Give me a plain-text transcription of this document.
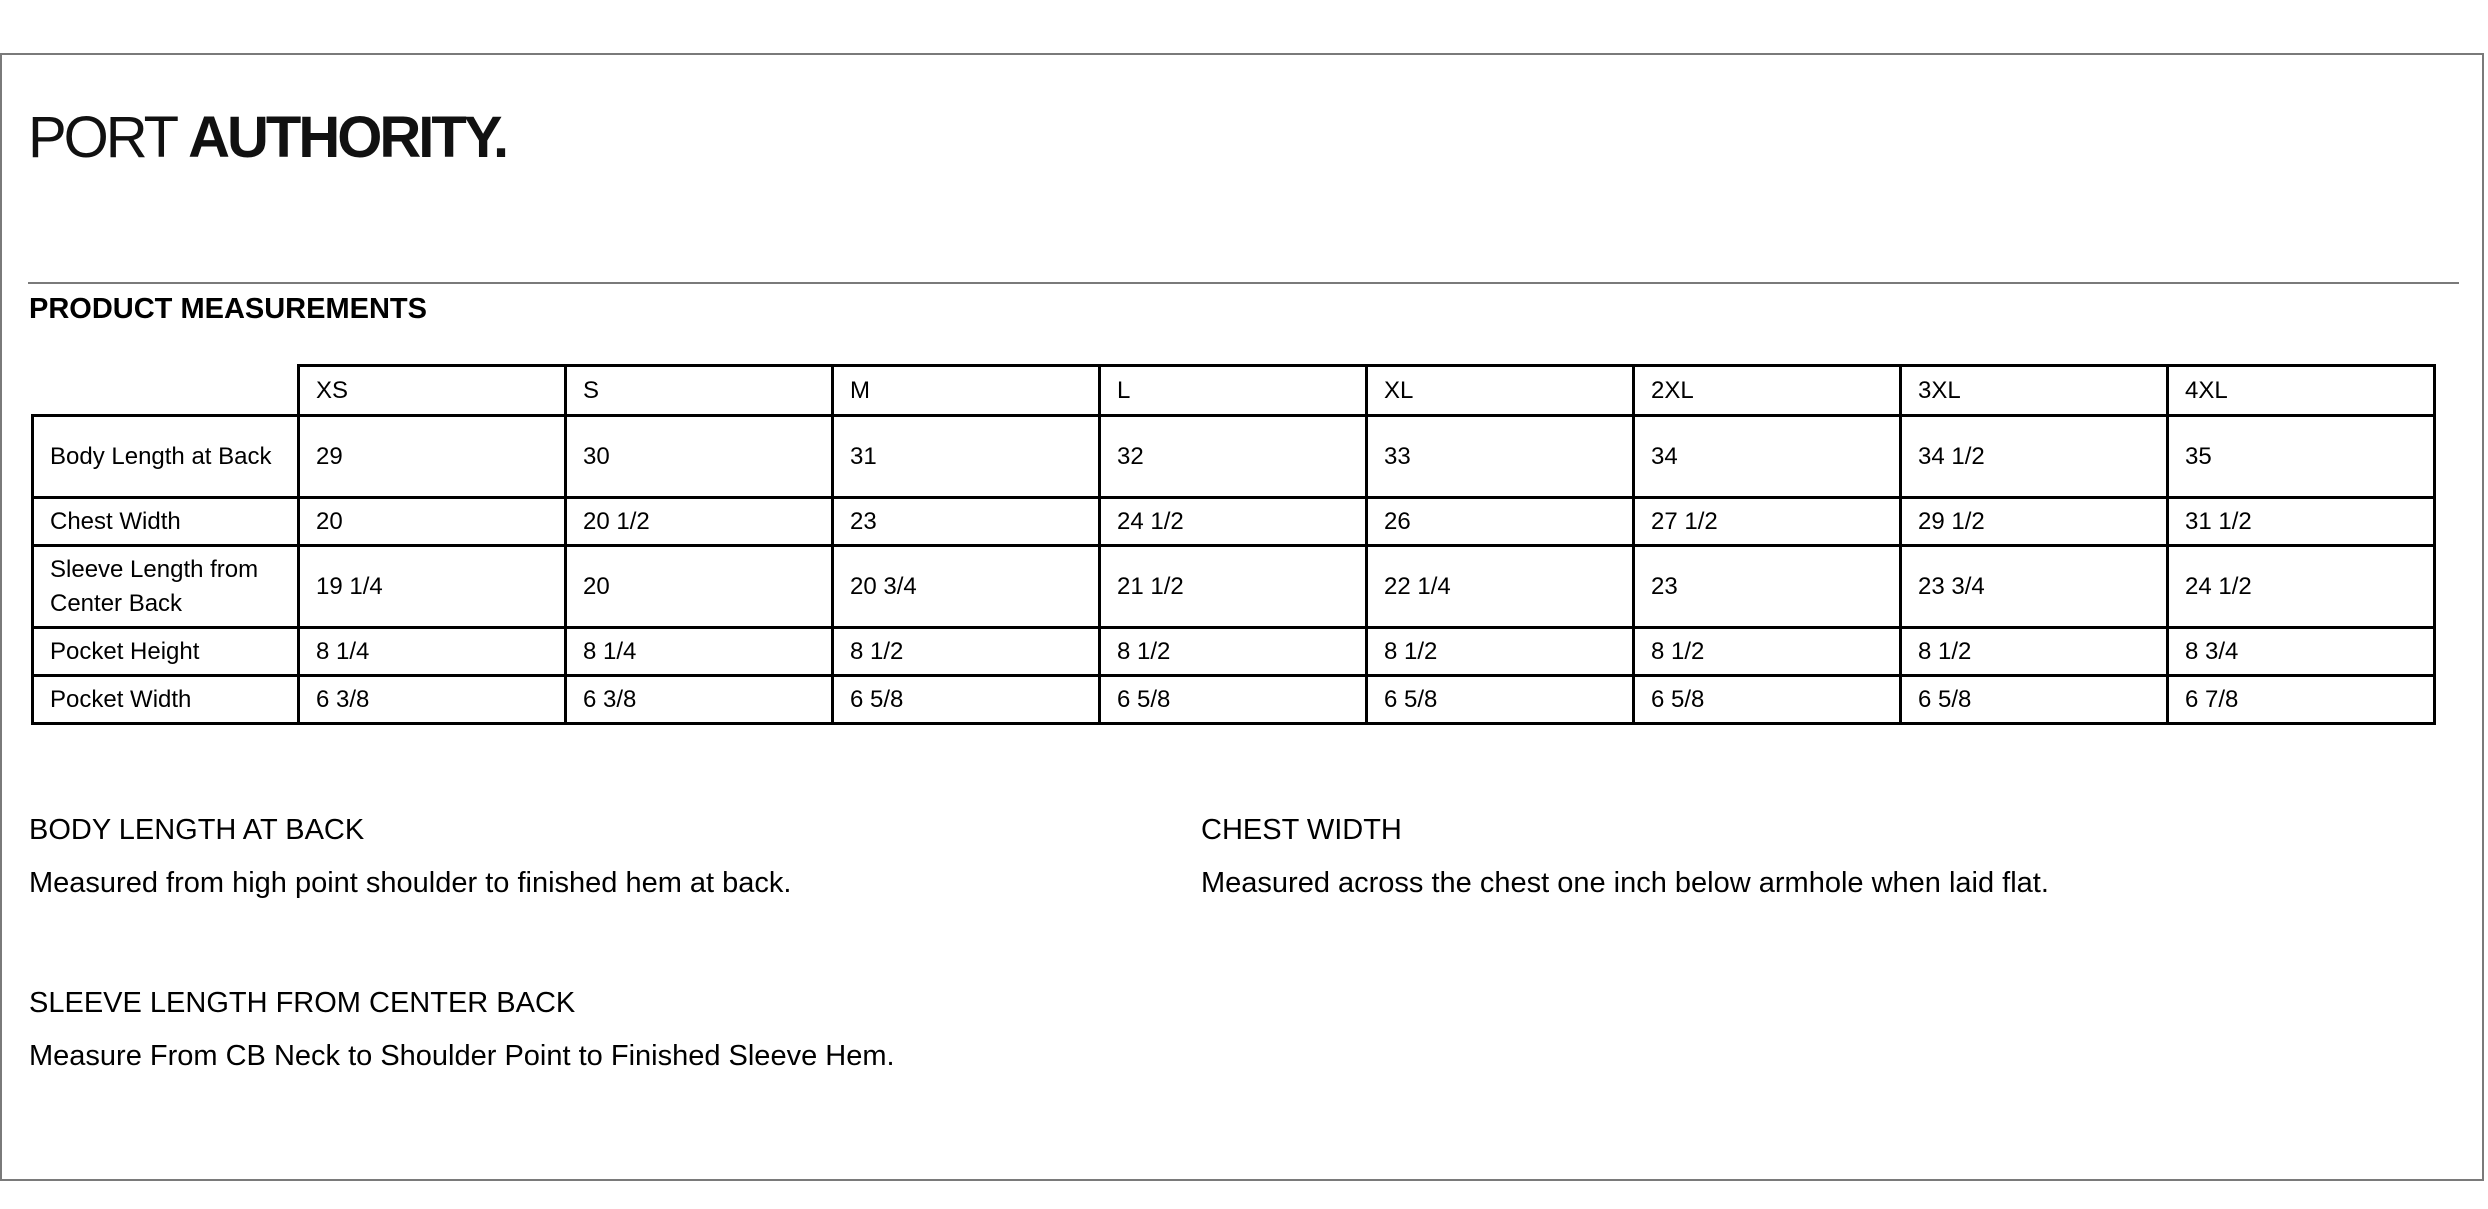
PORT AUTHORITY.
PRODUCT MEASUREMENTS
	XS	S	M	L	XL	2XL	3XL	4XL
Body Length at Back	29	30	31	32	33	34	34 1/2	35
Chest Width	20	20 1/2	23	24 1/2	26	27 1/2	29 1/2	31 1/2
Sleeve Length from Center Back	19 1/4	20	20 3/4	21 1/2	22 1/4	23	23 3/4	24 1/2
Pocket Height	8 1/4	8 1/4	8 1/2	8 1/2	8 1/2	8 1/2	8 1/2	8 3/4
Pocket Width	6 3/8	6 3/8	6 5/8	6 5/8	6 5/8	6 5/8	6 5/8	6 7/8
BODY LENGTH AT BACK
Measured from high point shoulder to finished hem at back.
CHEST WIDTH
Measured across the chest one inch below armhole when laid flat.
SLEEVE LENGTH FROM CENTER BACK
Measure From CB Neck to Shoulder Point to Finished Sleeve Hem.
